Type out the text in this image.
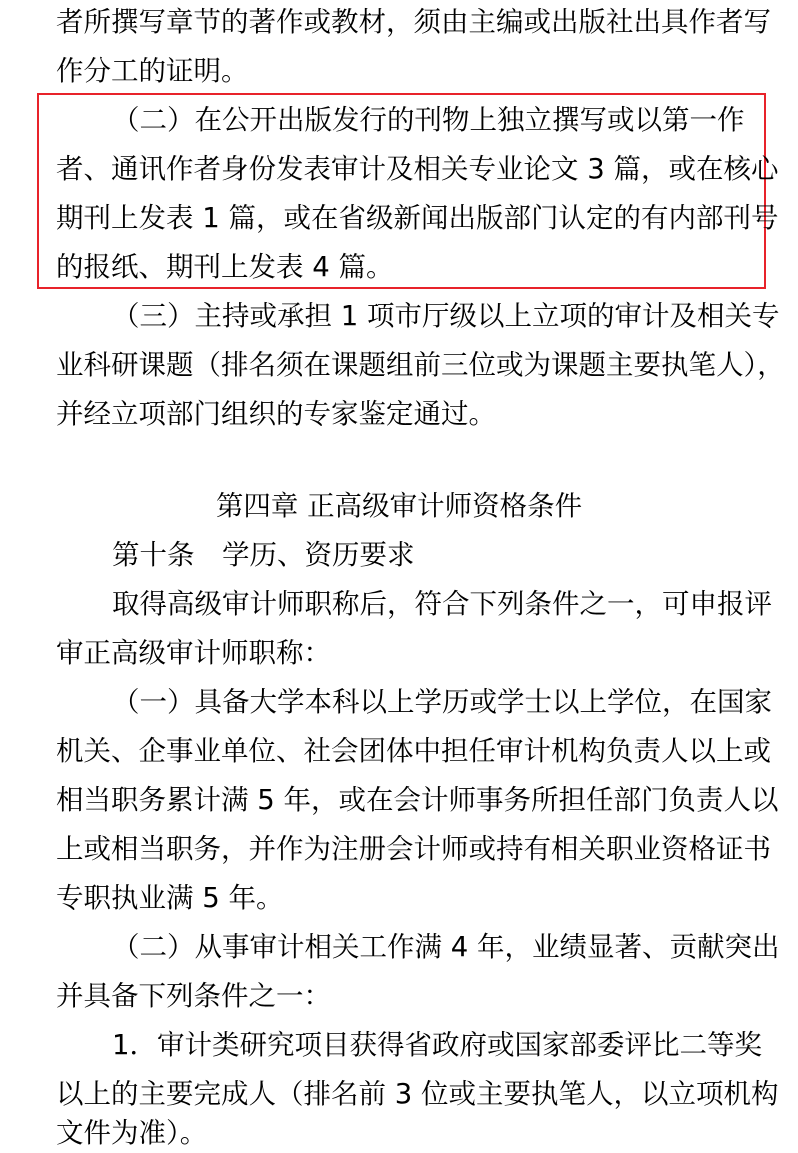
者所撰写章节的著作或教材，须由主编或出版社出具作者写

作分工的证明。

（二）在公开出版发行的刊物上独立撰写或以第一作

者、通讯作者身份发表审计及相关专业论文 3 篇，或在核心

期刊上发表 1 篇，或在省级新闻出版部门认定的有内部刊号

的报纸、期刊上发表 4 篇。

（三）主持或承担 1 项市厅级以上立项的审计及相关专

业科研课题（排名须在课题组前三位或为课题主要执笔人），

并经立项部门组织的专家鉴定通过。

第四章 正高级审计师资格条件

第十条　学历、资历要求

取得高级审计师职称后，符合下列条件之一，可申报评

审正高级审计师职称：

（一）具备大学本科以上学历或学士以上学位，在国家

机关、企事业单位、社会团体中担任审计机构负责人以上或

相当职务累计满 5 年，或在会计师事务所担任部门负责人以

上或相当职务，并作为注册会计师或持有相关职业资格证书

专职执业满 5 年。

（二）从事审计相关工作满 4 年，业绩显著、贡献突出

并具备下列条件之一：

1．审计类研究项目获得省政府或国家部委评比二等奖

以上的主要完成人（排名前 3 位或主要执笔人，以立项机构

文件为准）。
